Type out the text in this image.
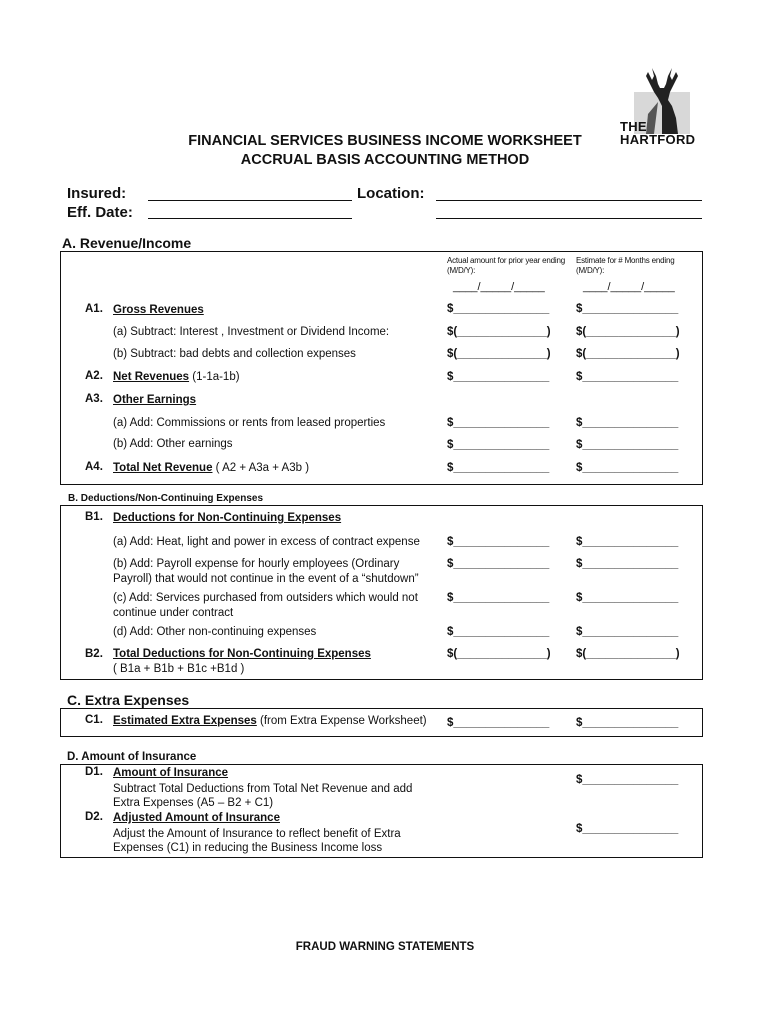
THE
HARTFORD
FINANCIAL SERVICES BUSINESS INCOME WORKSHEET
ACCRUAL BASIS ACCOUNTING METHOD
Insured:	Location:
Eff. Date:
A. Revenue/Income
Actual amount for prior year ending (M/D/Y):
Estimate for # Months ending (M/D/Y):
____/_____/_____	____/_____/_____
A1. Gross Revenues	$_______________ $_______________
(a) Subtract: Interest , Investment or Dividend Income:	$(______________) $(______________)
(b) Subtract: bad debts and collection expenses	$(______________) $(______________)
A2. Net Revenues (1-1a-1b)	$_______________ $_______________
A3. Other Earnings
(a) Add: Commissions or rents from leased properties	$_______________ $_______________
(b) Add: Other earnings	$_______________ $_______________
A4. Total Net Revenue ( A2 + A3a + A3b )	$_______________ $_______________
B. Deductions/Non-Continuing Expenses
B1. Deductions for Non-Continuing Expenses
(a) Add: Heat, light and power in excess of contract expense $_______________ $_______________
(b) Add: Payroll expense for hourly employees (Ordinary
Payroll) that would not continue in the event of a “shutdown”
$_______________ $_______________
(c) Add: Services purchased from outsiders which would not
continue under contract
$_______________ $_______________
(d) Add: Other non-continuing expenses	$_______________ $_______________
B2. Total Deductions for Non-Continuing Expenses
( B1a + B1b + B1c +B1d )
$(______________) $(______________)
C. Extra Expenses
C1. Estimated Extra Expenses (from Extra Expense Worksheet) $_______________ $_______________
D. Amount of Insurance
D1. Amount of Insurance
Subtract Total Deductions from Total Net Revenue and add
Extra Expenses (A5 – B2 + C1)
$_______________
D2. Adjusted Amount of Insurance
Adjust the Amount of Insurance to reflect benefit of Extra
Expenses (C1) in reducing the Business Income loss
$_______________
FRAUD WARNING STATEMENTS
